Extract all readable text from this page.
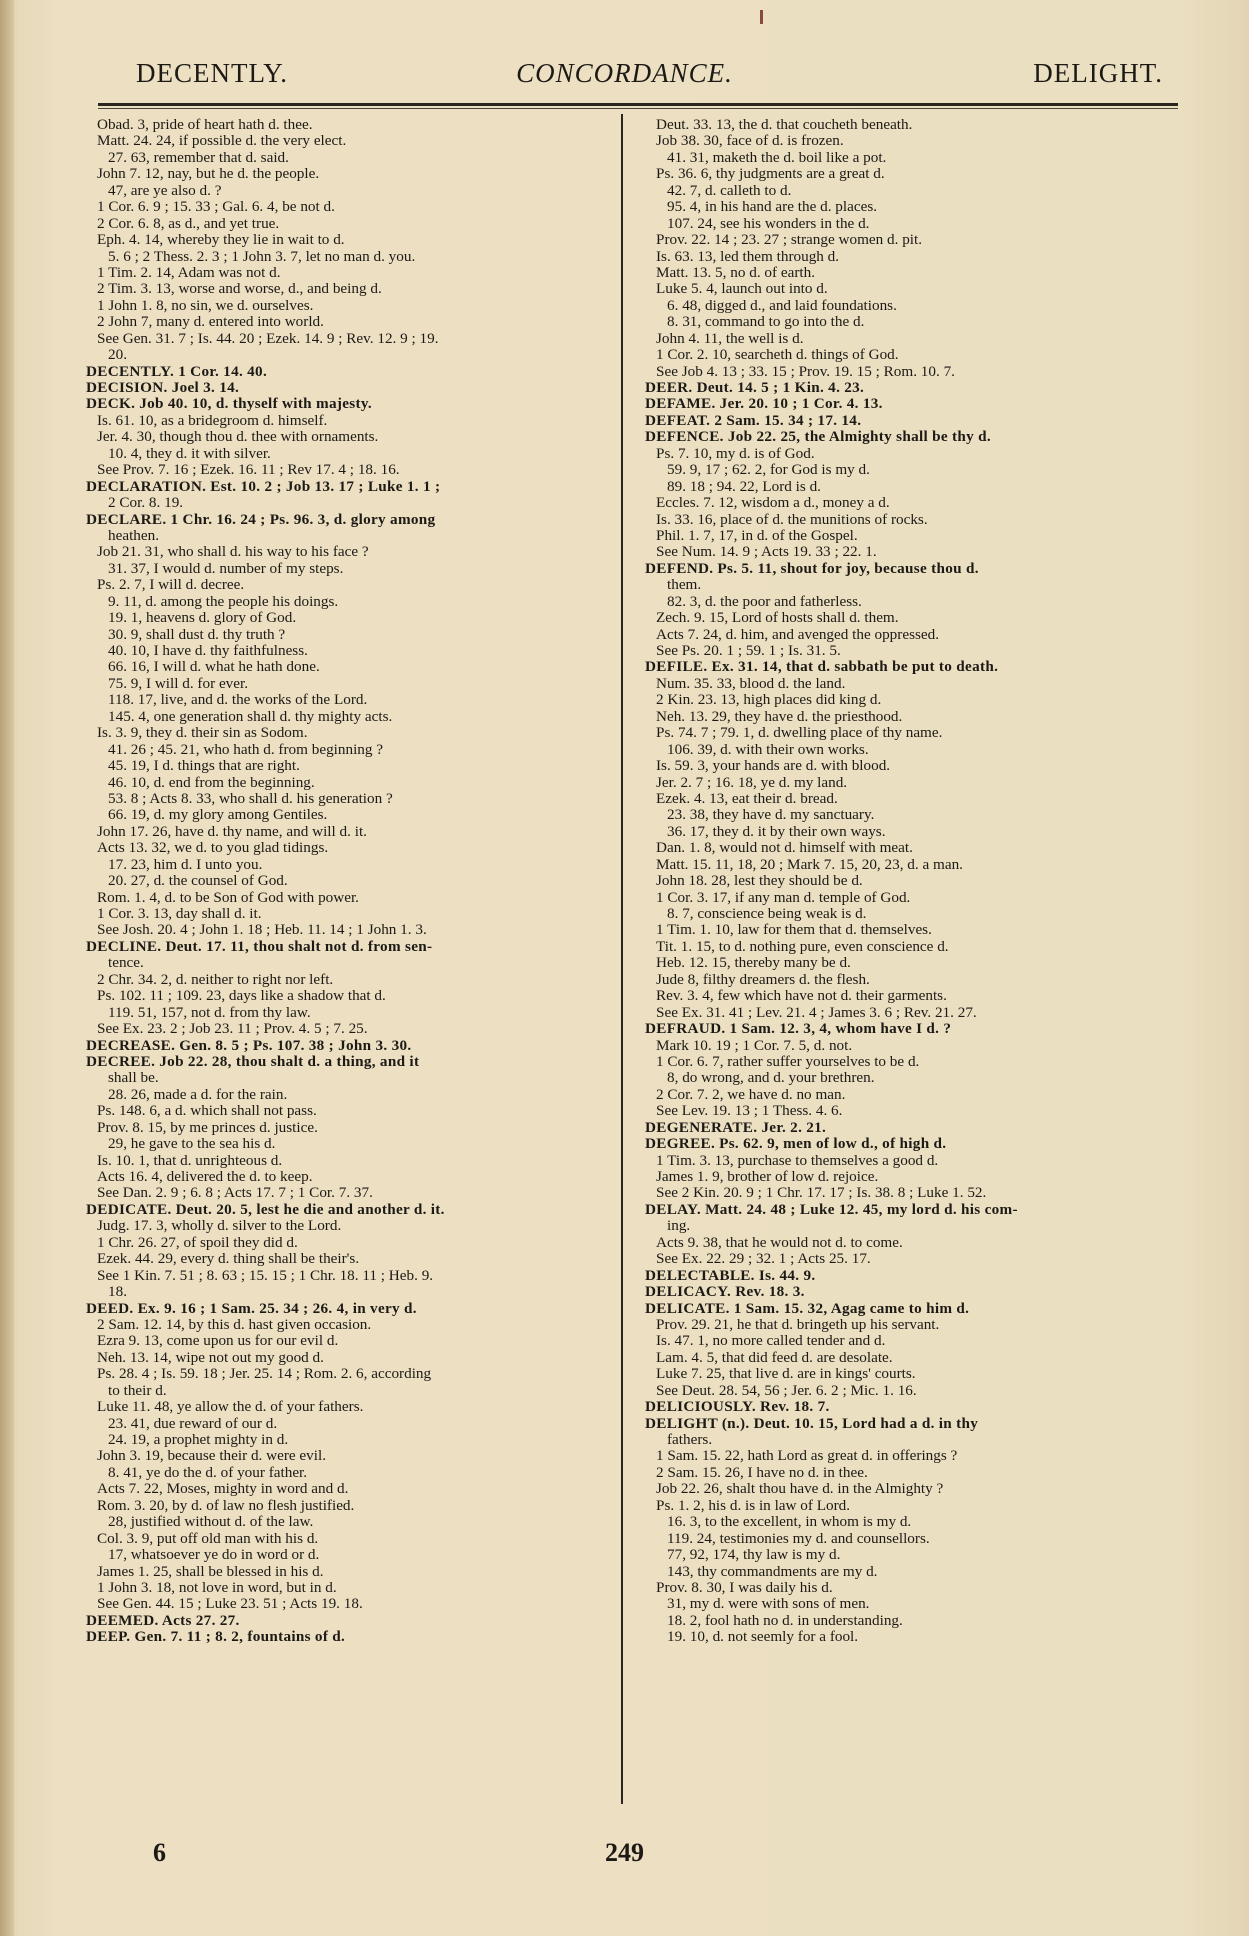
DECENTLY.	CONCORDANCE.	DELIGHT.
Obad. 3, pride of heart hath d. thee.
Matt. 24. 24, if possible d. the very elect.
27. 63, remember that d. said.
John 7. 12, nay, but he d. the people.
47, are ye also d. ?
1 Cor. 6. 9 ; 15. 33 ; Gal. 6. 4, be not d.
2 Cor. 6. 8, as d., and yet true.
Eph. 4. 14, whereby they lie in wait to d.
5. 6 ; 2 Thess. 2. 3 ; 1 John 3. 7, let no man d. you.
1 Tim. 2. 14, Adam was not d.
2 Tim. 3. 13, worse and worse, d., and being d.
1 John 1. 8, no sin, we d. ourselves.
2 John 7, many d. entered into world.
See Gen. 31. 7 ; Is. 44. 20 ; Ezek. 14. 9 ; Rev. 12. 9 ; 19.
20.
DECENTLY. 1 Cor. 14. 40.
DECISION. Joel 3. 14.
DECK. Job 40. 10, d. thyself with majesty.
Is. 61. 10, as a bridegroom d. himself.
Jer. 4. 30, though thou d. thee with ornaments.
10. 4, they d. it with silver.
See Prov. 7. 16 ; Ezek. 16. 11 ; Rev 17. 4 ; 18. 16.
DECLARATION. Est. 10. 2 ; Job 13. 17 ; Luke 1. 1 ;
2 Cor. 8. 19.
DECLARE. 1 Chr. 16. 24 ; Ps. 96. 3, d. glory among
heathen.
Job 21. 31, who shall d. his way to his face ?
31. 37, I would d. number of my steps.
Ps. 2. 7, I will d. decree.
9. 11, d. among the people his doings.
19. 1, heavens d. glory of God.
30. 9, shall dust d. thy truth ?
40. 10, I have d. thy faithfulness.
66. 16, I will d. what he hath done.
75. 9, I will d. for ever.
118. 17, live, and d. the works of the Lord.
145. 4, one generation shall d. thy mighty acts.
Is. 3. 9, they d. their sin as Sodom.
41. 26 ; 45. 21, who hath d. from beginning ?
45. 19, I d. things that are right.
46. 10, d. end from the beginning.
53. 8 ; Acts 8. 33, who shall d. his generation ?
66. 19, d. my glory among Gentiles.
John 17. 26, have d. thy name, and will d. it.
Acts 13. 32, we d. to you glad tidings.
17. 23, him d. I unto you.
20. 27, d. the counsel of God.
Rom. 1. 4, d. to be Son of God with power.
1 Cor. 3. 13, day shall d. it.
See Josh. 20. 4 ; John 1. 18 ; Heb. 11. 14 ; 1 John 1. 3.
DECLINE. Deut. 17. 11, thou shalt not d. from sen-
tence.
2 Chr. 34. 2, d. neither to right nor left.
Ps. 102. 11 ; 109. 23, days like a shadow that d.
119. 51, 157, not d. from thy law.
See Ex. 23. 2 ; Job 23. 11 ; Prov. 4. 5 ; 7. 25.
DECREASE. Gen. 8. 5 ; Ps. 107. 38 ; John 3. 30.
DECREE. Job 22. 28, thou shalt d. a thing, and it
shall be.
28. 26, made a d. for the rain.
Ps. 148. 6, a d. which shall not pass.
Prov. 8. 15, by me princes d. justice.
29, he gave to the sea his d.
Is. 10. 1, that d. unrighteous d.
Acts 16. 4, delivered the d. to keep.
See Dan. 2. 9 ; 6. 8 ; Acts 17. 7 ; 1 Cor. 7. 37.
DEDICATE. Deut. 20. 5, lest he die and another d. it.
Judg. 17. 3, wholly d. silver to the Lord.
1 Chr. 26. 27, of spoil they did d.
Ezek. 44. 29, every d. thing shall be their's.
See 1 Kin. 7. 51 ; 8. 63 ; 15. 15 ; 1 Chr. 18. 11 ; Heb. 9.
18.
DEED. Ex. 9. 16 ; 1 Sam. 25. 34 ; 26. 4, in very d.
2 Sam. 12. 14, by this d. hast given occasion.
Ezra 9. 13, come upon us for our evil d.
Neh. 13. 14, wipe not out my good d.
Ps. 28. 4 ; Is. 59. 18 ; Jer. 25. 14 ; Rom. 2. 6, according
to their d.
Luke 11. 48, ye allow the d. of your fathers.
23. 41, due reward of our d.
24. 19, a prophet mighty in d.
John 3. 19, because their d. were evil.
8. 41, ye do the d. of your father.
Acts 7. 22, Moses, mighty in word and d.
Rom. 3. 20, by d. of law no flesh justified.
28, justified without d. of the law.
Col. 3. 9, put off old man with his d.
17, whatsoever ye do in word or d.
James 1. 25, shall be blessed in his d.
1 John 3. 18, not love in word, but in d.
See Gen. 44. 15 ; Luke 23. 51 ; Acts 19. 18.
DEEMED. Acts 27. 27.
DEEP. Gen. 7. 11 ; 8. 2, fountains of d.
Deut. 33. 13, the d. that coucheth beneath.
Job 38. 30, face of d. is frozen.
41. 31, maketh the d. boil like a pot.
Ps. 36. 6, thy judgments are a great d.
42. 7, d. calleth to d.
95. 4, in his hand are the d. places.
107. 24, see his wonders in the d.
Prov. 22. 14 ; 23. 27 ; strange women d. pit.
Is. 63. 13, led them through d.
Matt. 13. 5, no d. of earth.
Luke 5. 4, launch out into d.
6. 48, digged d., and laid foundations.
8. 31, command to go into the d.
John 4. 11, the well is d.
1 Cor. 2. 10, searcheth d. things of God.
See Job 4. 13 ; 33. 15 ; Prov. 19. 15 ; Rom. 10. 7.
DEER. Deut. 14. 5 ; 1 Kin. 4. 23.
DEFAME. Jer. 20. 10 ; 1 Cor. 4. 13.
DEFEAT. 2 Sam. 15. 34 ; 17. 14.
DEFENCE. Job 22. 25, the Almighty shall be thy d.
Ps. 7. 10, my d. is of God.
59. 9, 17 ; 62. 2, for God is my d.
89. 18 ; 94. 22, Lord is d.
Eccles. 7. 12, wisdom a d., money a d.
Is. 33. 16, place of d. the munitions of rocks.
Phil. 1. 7, 17, in d. of the Gospel.
See Num. 14. 9 ; Acts 19. 33 ; 22. 1.
DEFEND. Ps. 5. 11, shout for joy, because thou d.
them.
82. 3, d. the poor and fatherless.
Zech. 9. 15, Lord of hosts shall d. them.
Acts 7. 24, d. him, and avenged the oppressed.
See Ps. 20. 1 ; 59. 1 ; Is. 31. 5.
DEFILE. Ex. 31. 14, that d. sabbath be put to death.
Num. 35. 33, blood d. the land.
2 Kin. 23. 13, high places did king d.
Neh. 13. 29, they have d. the priesthood.
Ps. 74. 7 ; 79. 1, d. dwelling place of thy name.
106. 39, d. with their own works.
Is. 59. 3, your hands are d. with blood.
Jer. 2. 7 ; 16. 18, ye d. my land.
Ezek. 4. 13, eat their d. bread.
23. 38, they have d. my sanctuary.
36. 17, they d. it by their own ways.
Dan. 1. 8, would not d. himself with meat.
Matt. 15. 11, 18, 20 ; Mark 7. 15, 20, 23, d. a man.
John 18. 28, lest they should be d.
1 Cor. 3. 17, if any man d. temple of God.
8. 7, conscience being weak is d.
1 Tim. 1. 10, law for them that d. themselves.
Tit. 1. 15, to d. nothing pure, even conscience d.
Heb. 12. 15, thereby many be d.
Jude 8, filthy dreamers d. the flesh.
Rev. 3. 4, few which have not d. their garments.
See Ex. 31. 41 ; Lev. 21. 4 ; James 3. 6 ; Rev. 21. 27.
DEFRAUD. 1 Sam. 12. 3, 4, whom have I d. ?
Mark 10. 19 ; 1 Cor. 7. 5, d. not.
1 Cor. 6. 7, rather suffer yourselves to be d.
8, do wrong, and d. your brethren.
2 Cor. 7. 2, we have d. no man.
See Lev. 19. 13 ; 1 Thess. 4. 6.
DEGENERATE. Jer. 2. 21.
DEGREE. Ps. 62. 9, men of low d., of high d.
1 Tim. 3. 13, purchase to themselves a good d.
James 1. 9, brother of low d. rejoice.
See 2 Kin. 20. 9 ; 1 Chr. 17. 17 ; Is. 38. 8 ; Luke 1. 52.
DELAY. Matt. 24. 48 ; Luke 12. 45, my lord d. his com-
ing.
Acts 9. 38, that he would not d. to come.
See Ex. 22. 29 ; 32. 1 ; Acts 25. 17.
DELECTABLE. Is. 44. 9.
DELICACY. Rev. 18. 3.
DELICATE. 1 Sam. 15. 32, Agag came to him d.
Prov. 29. 21, he that d. bringeth up his servant.
Is. 47. 1, no more called tender and d.
Lam. 4. 5, that did feed d. are desolate.
Luke 7. 25, that live d. are in kings' courts.
See Deut. 28. 54, 56 ; Jer. 6. 2 ; Mic. 1. 16.
DELICIOUSLY. Rev. 18. 7.
DELIGHT (n.). Deut. 10. 15, Lord had a d. in thy
fathers.
1 Sam. 15. 22, hath Lord as great d. in offerings ?
2 Sam. 15. 26, I have no d. in thee.
Job 22. 26, shalt thou have d. in the Almighty ?
Ps. 1. 2, his d. is in law of Lord.
16. 3, to the excellent, in whom is my d.
119. 24, testimonies my d. and counsellors.
77, 92, 174, thy law is my d.
143, thy commandments are my d.
Prov. 8. 30, I was daily his d.
31, my d. were with sons of men.
18. 2, fool hath no d. in understanding.
19. 10, d. not seemly for a fool.
6	249
